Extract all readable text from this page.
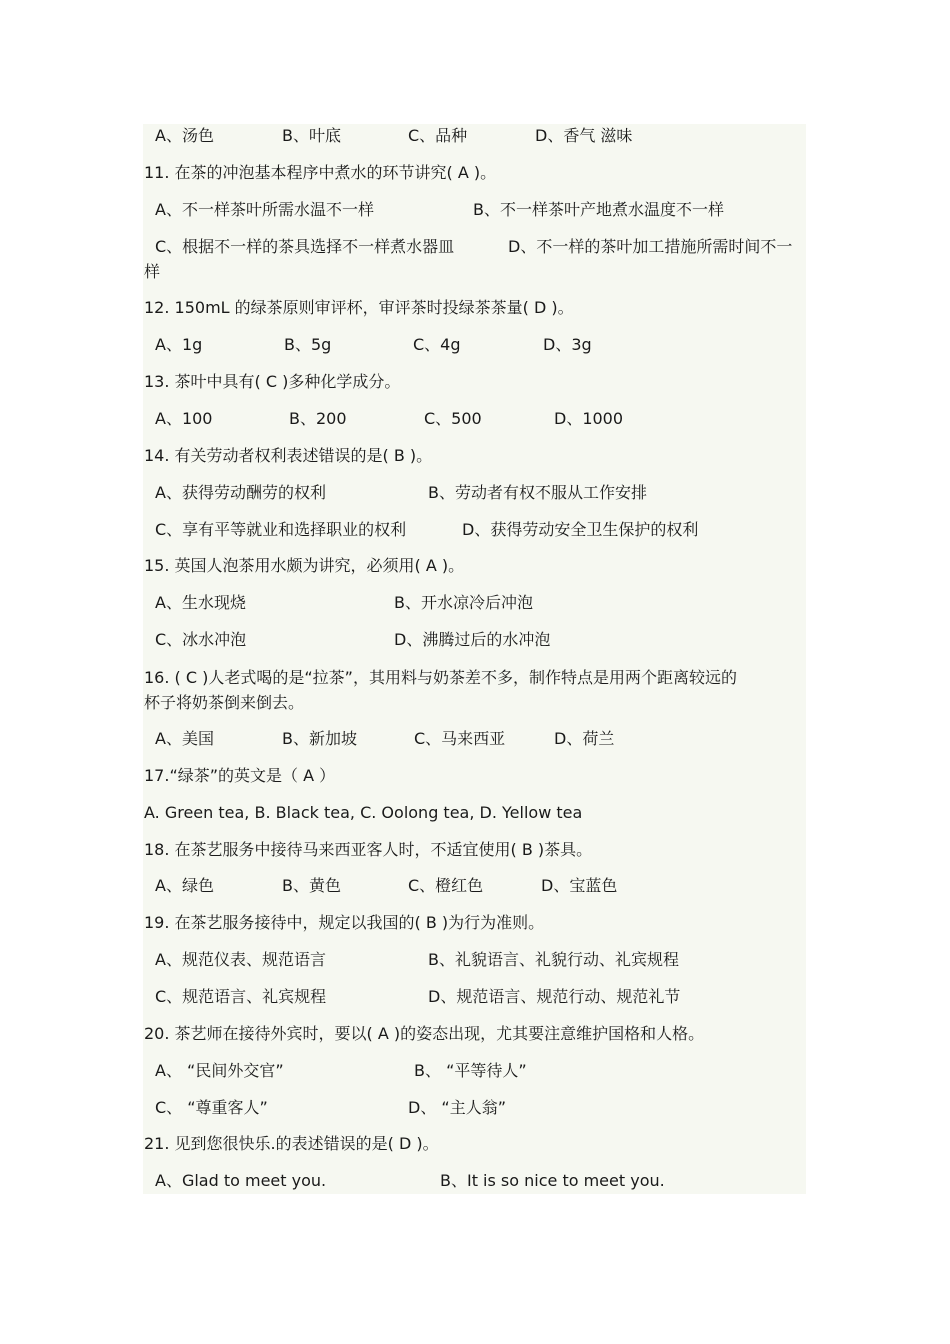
A、汤色	B、叶底	C、品种	D、香气 滋味
11. 在茶的冲泡基本程序中煮水的环节讲究( A )。
A、不一样茶叶所需水温不一样	B、不一样茶叶产地煮水温度不一样
C、根据不一样的茶具选择不一样煮水器皿	D、不一样的茶叶加工措施所需时间不一
样
12. 150mL 的绿茶原则审评杯，审评茶时投绿茶茶量( D )。
A、1g	B、5g	C、4g	D、3g
13. 茶叶中具有( C )多种化学成分。
A、100	B、200	C、500	D、1000
14. 有关劳动者权利表述错误的是( B )。
A、获得劳动酬劳的权利	B、劳动者有权不服从工作安排
C、享有平等就业和选择职业的权利	D、获得劳动安全卫生保护的权利
15. 英国人泡茶用水颇为讲究，必须用( A )。
A、生水现烧	B、开水凉冷后冲泡
C、冰水冲泡	D、沸腾过后的水冲泡
16. ( C )人老式喝的是“拉茶”，其用料与奶茶差不多，制作特点是用两个距离较远的
杯子将奶茶倒来倒去。
A、美国	B、新加坡	C、马来西亚	D、荷兰
17.“绿茶”的英文是（ A ）
A. Green tea, B. Black tea, C. Oolong tea, D. Yellow tea
18. 在茶艺服务中接待马来西亚客人时，不适宜使用( B )茶具。
A、绿色	B、黄色	C、橙红色	D、宝蓝色
19. 在茶艺服务接待中，规定以我国的( B )为行为准则。
A、规范仪表、规范语言	B、礼貌语言、礼貌行动、礼宾规程
C、规范语言、礼宾规程	D、规范语言、规范行动、规范礼节
20. 茶艺师在接待外宾时，要以( A )的姿态出现，尤其要注意维护国格和人格。
A、 “民间外交官”	B、 “平等待人”
C、 “尊重客人”	D、 “主人翁”
21. 见到您很快乐.的表述错误的是( D )。
A、Glad to meet you.	B、It is so nice to meet you.
